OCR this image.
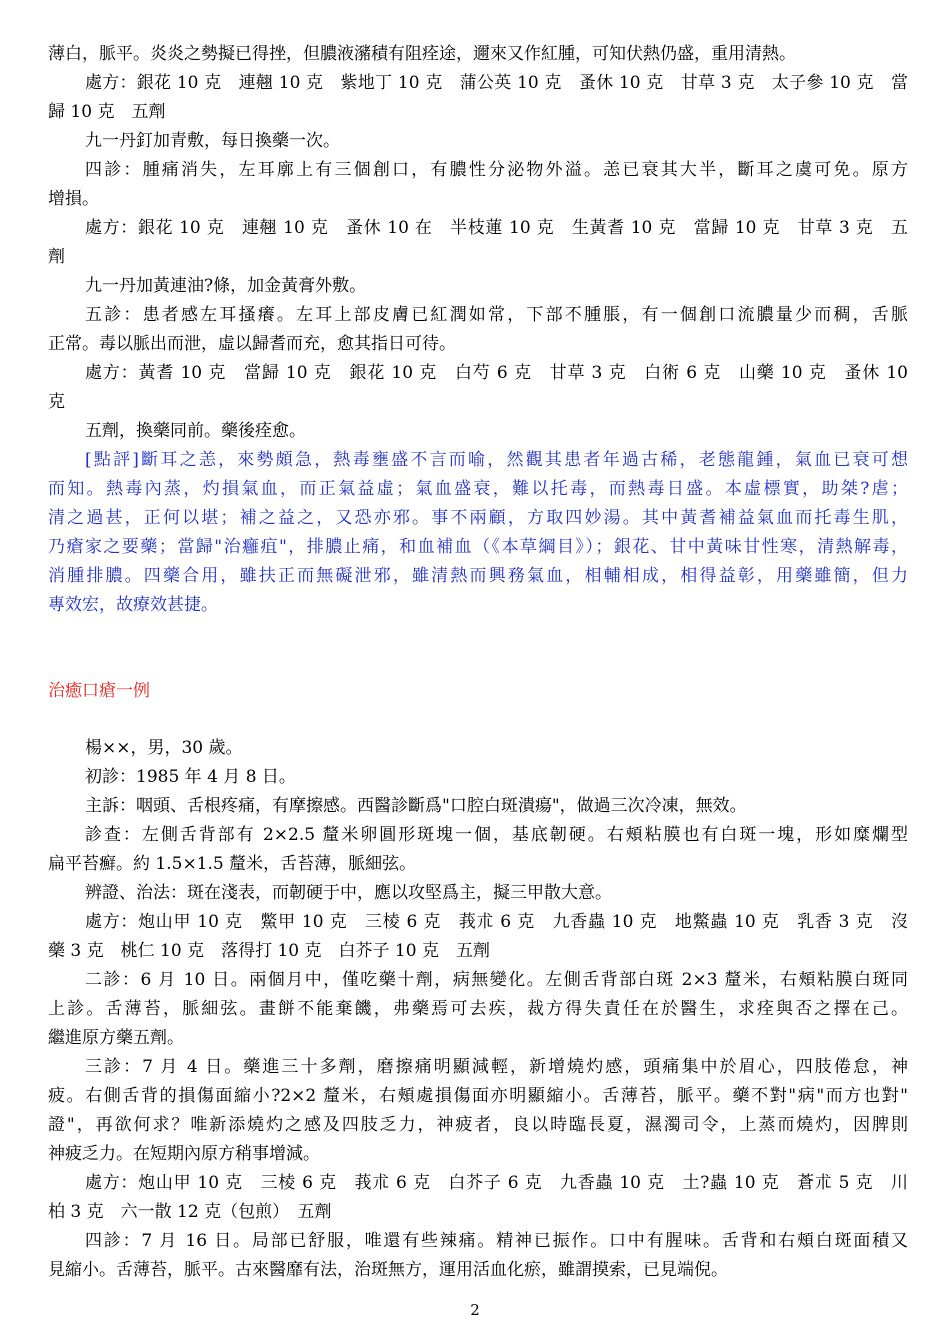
薄白，脈平。炎炎之勢擬已得挫，但膿液瀦積有阻痊途，邇來又作紅腫，可知伏熱仍盛，重用清熱。
處方：銀花 10 克　連翹 10 克　紫地丁 10 克　蒲公英 10 克　蚤休 10 克　甘草 3 克　太子參 10 克　當
歸 10 克　五劑
九一丹釘加青敷，每日換藥一次。
四診：腫痛消失，左耳廓上有三個創口，有膿性分泌物外溢。恙已衰其大半，斷耳之虞可免。原方
增損。
處方：銀花 10 克　連翹 10 克　蚤休 10 在　半枝蓮 10 克　生黃耆 10 克　當歸 10 克　甘草 3 克　五
劑
九一丹加黃連油?條，加金黃膏外敷。
五診：患者感左耳搔癢。左耳上部皮膚已紅潤如常，下部不腫脹，有一個創口流膿量少而稠，舌脈
正常。毒以脈出而泄，虛以歸耆而充，愈其指日可待。
處方：黃耆 10 克　當歸 10 克　銀花 10 克　白芍 6 克　甘草 3 克　白術 6 克　山藥 10 克　蚤休 10
克
五劑，換藥同前。藥後痊愈。
[點評]斷耳之恙，來勢頗急，熱毒壅盛不言而喻，然觀其患者年過古稀，老態龍鍾，氣血已衰可想
而知。熱毒內蒸，灼損氣血，而正氣益虛；氣血盛衰，難以托毒，而熱毒日盛。本虛標實，助桀?虐；
清之過甚，正何以堪；補之益之，又恐亦邪。事不兩顧，方取四妙湯。其中黃耆補益氣血而托毒生肌，
乃瘡家之要藥；當歸"治癰疽"，排膿止痛，和血補血（《本草綱目》）；銀花、甘中黃味甘性寒，清熱解毒，
消腫排膿。四藥合用，雖扶正而無礙泄邪，雖清熱而興務氣血，相輔相成，相得益彰，用藥雖簡，但力
專效宏，故療效甚捷。
治癒口瘡一例
楊××，男，30 歲。
初診：1985 年 4 月 8 日。
主訴：咽頭、舌根疼痛，有摩擦感。西醫診斷爲"口腔白斑潰瘍"，做過三次冷凍，無效。
診查：左側舌背部有 2×2.5 釐米卵圓形斑塊一個，基底韌硬。右頰粘膜也有白斑一塊，形如糜爛型
扁平苔癬。約 1.5×1.5 釐米，舌苔薄，脈細弦。
辨證、治法：斑在淺表，而韌硬于中，應以攻堅爲主，擬三甲散大意。
處方：炮山甲 10 克　鱉甲 10 克　三棱 6 克　莪朮 6 克　九香蟲 10 克　地鱉蟲 10 克　乳香 3 克　沒
藥 3 克　桃仁 10 克　落得打 10 克　白芥子 10 克　五劑
二診：6 月 10 日。兩個月中，僅吃藥十劑，病無變化。左側舌背部白斑 2×3 釐米，右頰粘膜白斑同
上診。舌薄苔，脈細弦。畫餅不能棄饑，弗藥焉可去疾，裁方得失責任在於醫生，求痊與否之擇在己。
繼進原方藥五劑。
三診：7 月 4 日。藥進三十多劑，磨擦痛明顯減輕，新增燒灼感，頭痛集中於眉心，四肢倦怠，神
疲。右側舌背的損傷面縮小?2×2 釐米，右頰處損傷面亦明顯縮小。舌薄苔，脈平。藥不對"病"而方也對"
證"，再欲何求？唯新添燒灼之感及四肢乏力，神疲者，良以時臨長夏，濕濁司令，上蒸而燒灼，因脾則
神疲乏力。在短期內原方稍事增減。
處方：炮山甲 10 克　三棱 6 克　莪朮 6 克　白芥子 6 克　九香蟲 10 克　土?蟲 10 克　蒼朮 5 克　川
柏 3 克　六一散 12 克（包煎）　五劑
四診：7 月 16 日。局部已舒服，唯還有些辣痛。精神已振作。口中有腥味。舌背和右頰白斑面積又
見縮小。舌薄苔，脈平。古來醫靡有法，治斑無方，運用活血化瘀，雖謂摸索，已見端倪。
2
